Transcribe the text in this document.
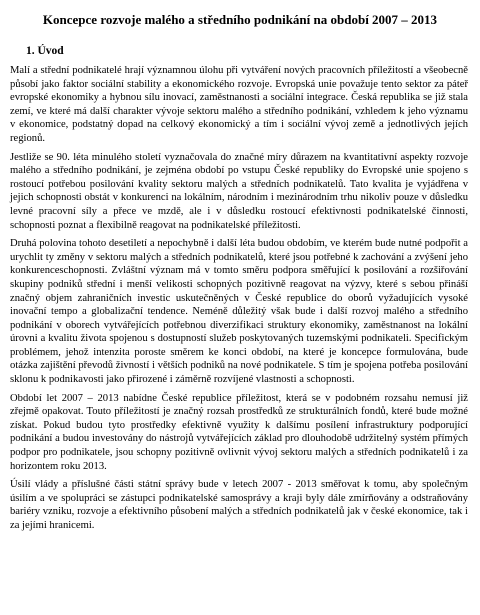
Koncepce rozvoje malého a středního podnikání na období 2007 – 2013
1. Úvod

Malí a střední podnikatelé hrají významnou úlohu při vytváření nových pracovních příležitostí a všeobecně působí jako faktor sociální stability a ekonomického rozvoje. Evropská unie považuje tento sektor za páteř evropské ekonomiky a hybnou sílu inovací, zaměstnanosti a sociální integrace. Česká republika se již stala zemí, ve které má další charakter vývoje sektoru malého a středního podnikání, vzhledem k jeho významu v ekonomice, podstatný dopad na celkový ekonomický a tím i sociální vývoj země a jednotlivých jejích regionů.

Jestliže se 90. léta minulého století vyznačovala do značné míry důrazem na kvantitativní aspekty rozvoje malého a středního podnikání, je zejména období po vstupu České republiky do Evropské unie spojeno s rostoucí potřebou posilování kvality sektoru malých a středních podnikatelů. Tato kvalita je vyjádřena v jejich schopnosti obstát v konkurenci na lokálním, národním i mezinárodním trhu nikoliv pouze v důsledku levné pracovní síly a přece ve mzdě, ale i v důsledku rostoucí efektivnosti podnikatelské činnosti, schopnosti poznat a flexibilně reagovat na podnikatelské příležitosti.

Druhá polovina tohoto desetiletí a nepochybně i další léta budou obdobím, ve kterém bude nutné podpořit a urychlit ty změny v sektoru malých a středních podnikatelů, které jsou potřebné k zachování a zvýšení jeho konkurenceschopnosti. Zvláštní význam má v tomto směru podpora směřující k posilování a rozšiřování skupiny podniků střední i menší velikosti schopných pozitivně reagovat na výzvy, které s sebou přináší značný objem zahraničních investic uskutečněných v České republice do oborů vyžadujících vysoké inovační tempo a globalizační tendence. Neméně důležitý však bude i další rozvoj malého a středního podnikání v oborech vytvářejících potřebnou diverzifikaci struktury ekonomiky, zaměstnanost na lokální úrovni a kvalitu života spojenou s dostupností služeb poskytovaných tuzemskými podnikateli. Specifickým problémem, jehož intenzita poroste směrem ke konci období, na které je koncepce formulována, bude otázka zajištění převodů živností i větších podniků na nové podnikatele. S tím je spojena potřeba posilování sklonu k podnikavosti jako přirozené i záměrně rozvíjené vlastnosti a schopnosti.

Období let 2007 – 2013 nabídne České republice příležitost, která se v podobném rozsahu nemusí již zřejmě opakovat. Touto příležitostí je značný rozsah prostředků ze strukturálních fondů, které bude možné získat. Pokud budou tyto prostředky efektivně využity k dalšímu posílení infrastruktury podporující podnikání a budou investovány do nástrojů vytvářejících základ pro dlouhodobě udržitelný systém přímých podpor pro podnikatele, jsou schopny pozitivně ovlivnit vývoj sektoru malých a středních podnikatelů i za horizontem roku 2013.

Úsilí vlády a příslušné části státní správy bude v letech 2007 - 2013 směřovat k tomu, aby společným úsilím a ve spolupráci se zástupci podnikatelské samosprávy a kraji byly dále zmírňovány a odstraňovány bariéry vzniku, rozvoje a efektivního působení malých a středních podnikatelů jak v české ekonomice, tak i za jejími hranicemi.
